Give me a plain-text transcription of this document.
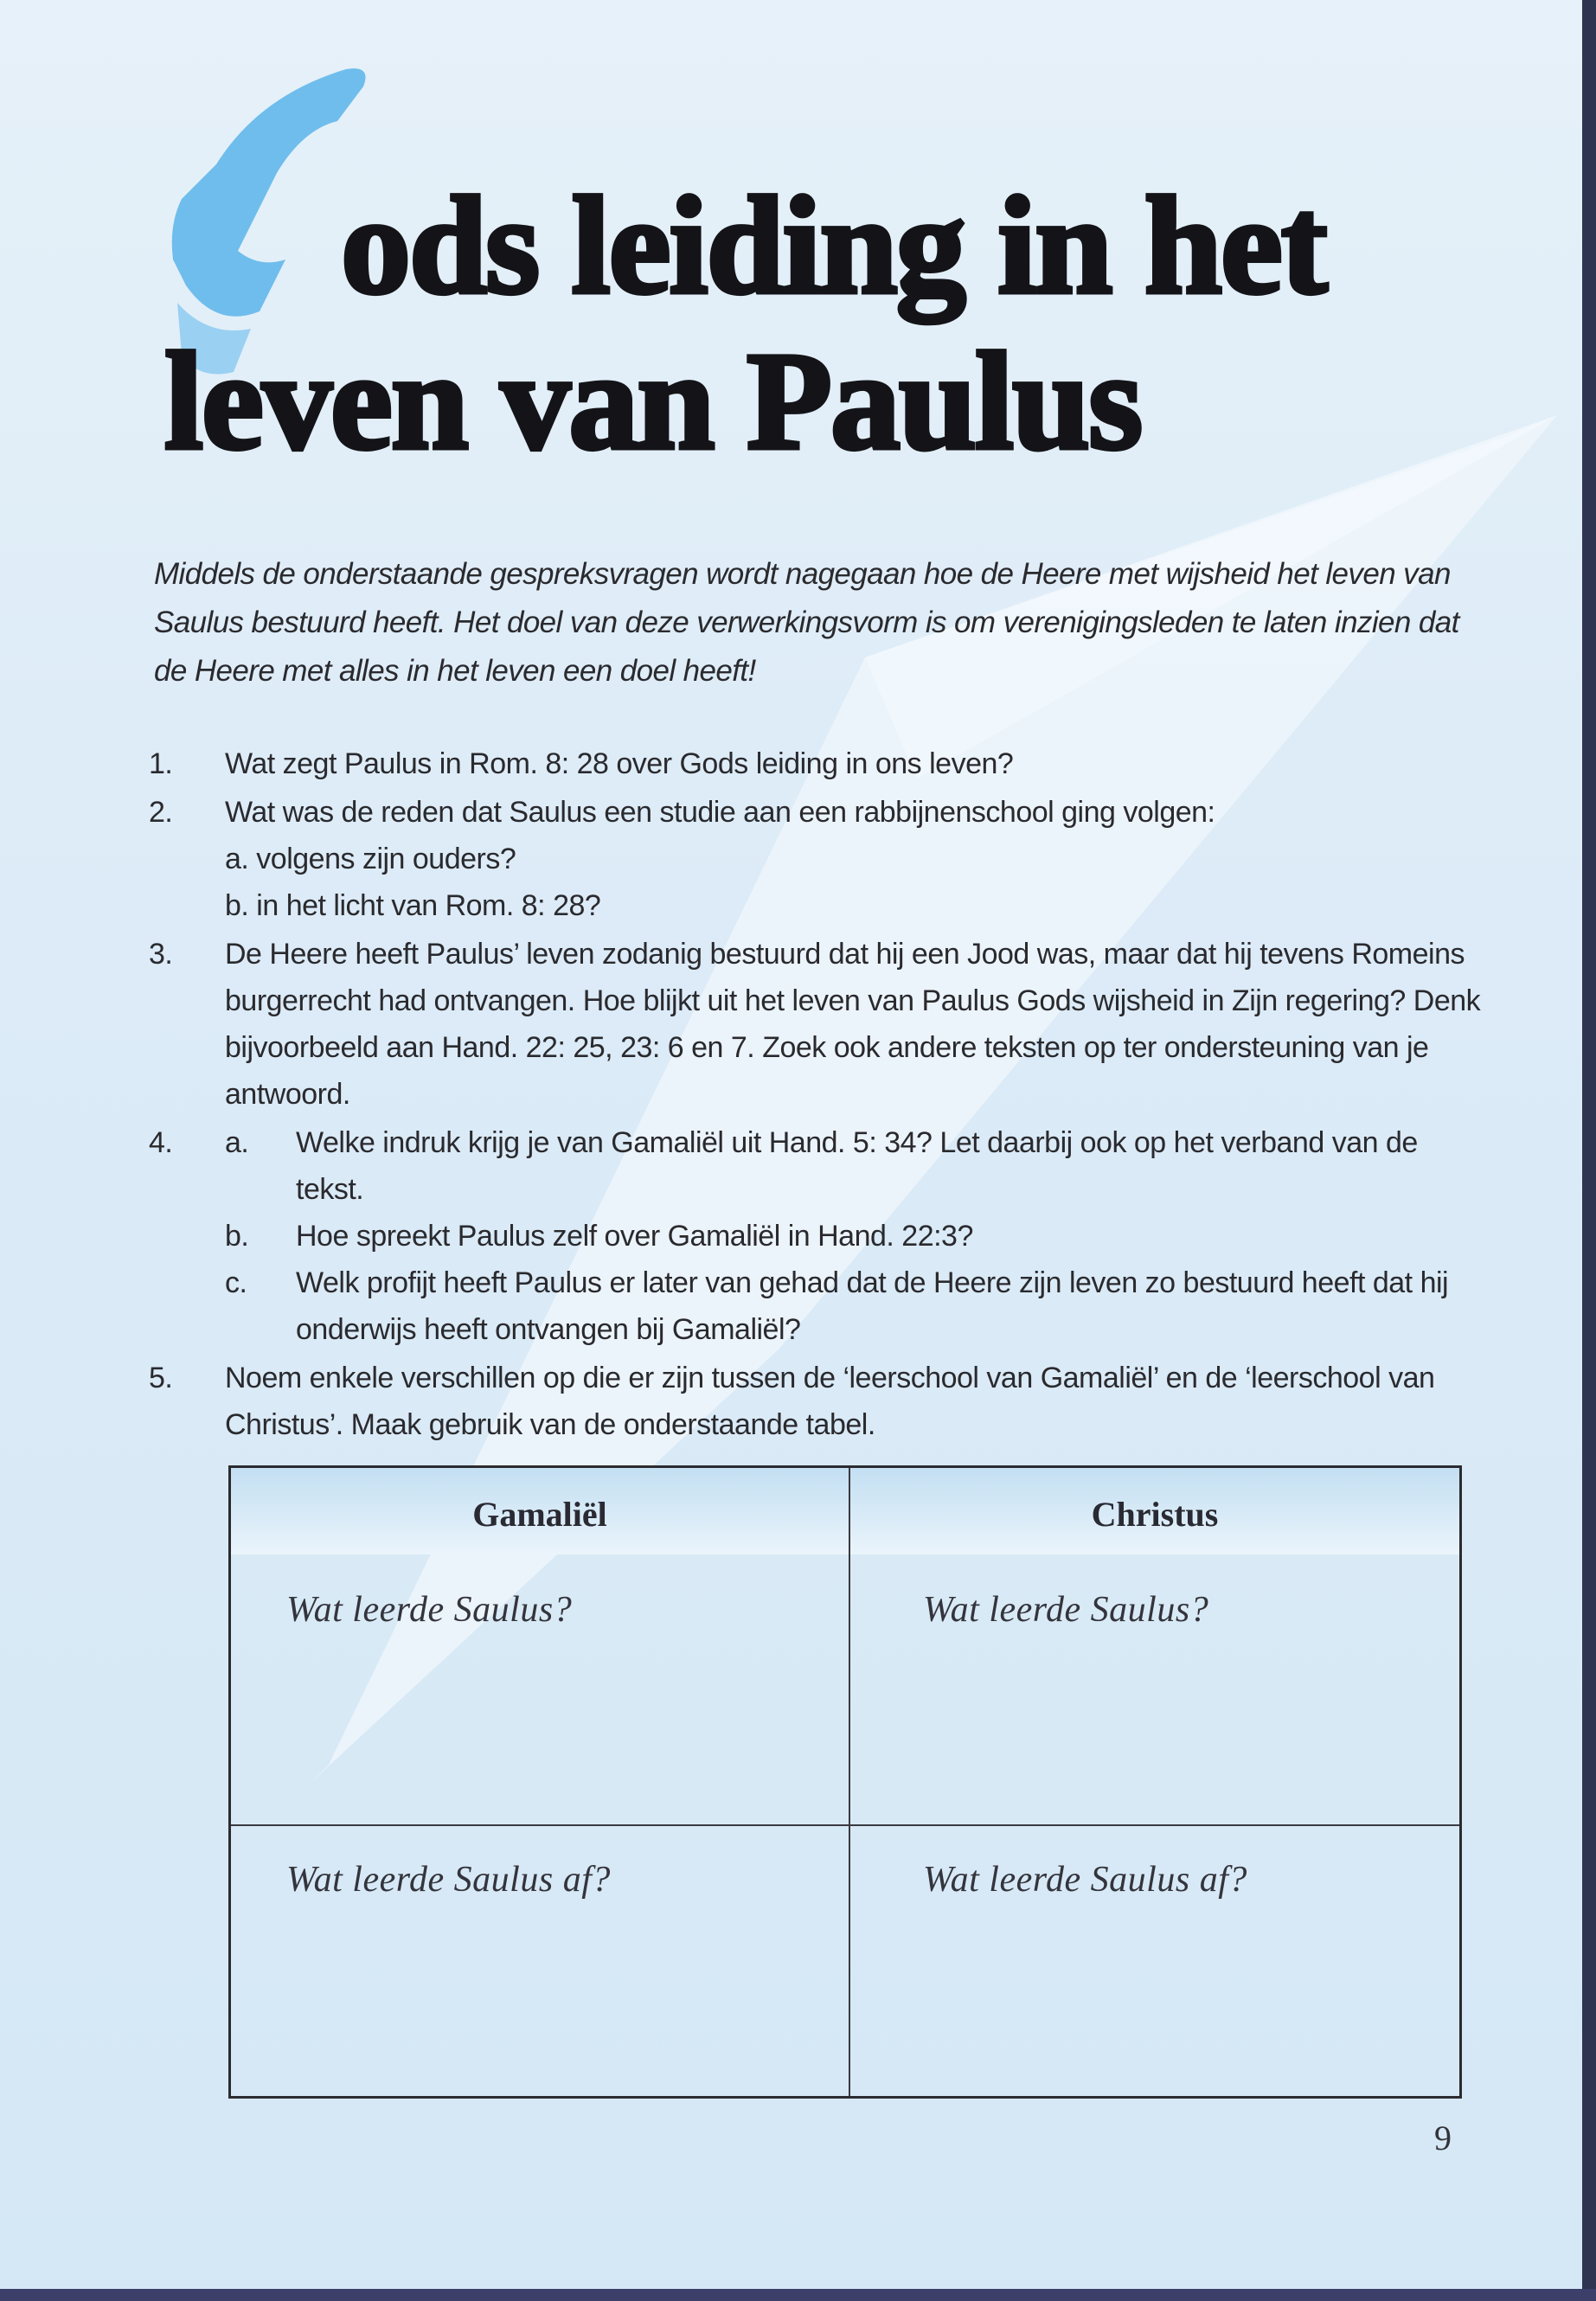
ods leiding in het
leven van Paulus

Middels de onderstaande gespreksvragen wordt nagegaan hoe de Heere met wijsheid het leven van Saulus bestuurd heeft. Het doel van deze verwerkingsvorm is om verenigingsleden te laten inzien dat de Heere met alles in het leven een doel heeft!

1. Wat zegt Paulus in Rom. 8: 28 over Gods leiding in ons leven?
2. Wat was de reden dat Saulus een studie aan een rabbijnenschool ging volgen:
a. volgens zijn ouders?
b. in het licht van Rom. 8: 28?
3. De Heere heeft Paulus’ leven zodanig bestuurd dat hij een Jood was, maar dat hij tevens Romeins burgerrecht had ontvangen. Hoe blijkt uit het leven van Paulus Gods wijsheid in Zijn regering? Denk bijvoorbeeld aan Hand. 22: 25, 23: 6 en 7. Zoek ook andere teksten op ter ondersteuning van je antwoord.
4. a. Welke indruk krijg je van Gamaliël uit Hand. 5: 34? Let daarbij ook op het verband van de tekst.
b. Hoe spreekt Paulus zelf over Gamaliël in Hand. 22:3?
c. Welk profijt heeft Paulus er later van gehad dat de Heere zijn leven zo bestuurd heeft dat hij onderwijs heeft ontvangen bij Gamaliël?
5. Noem enkele verschillen op die er zijn tussen de ‘leerschool van Gamaliël’ en de ‘leerschool van Christus’. Maak gebruik van de onderstaande tabel.
Gamaliël	Christus
Wat leerde Saulus?	Wat leerde Saulus?
Wat leerde Saulus af?	Wat leerde Saulus af?
9
